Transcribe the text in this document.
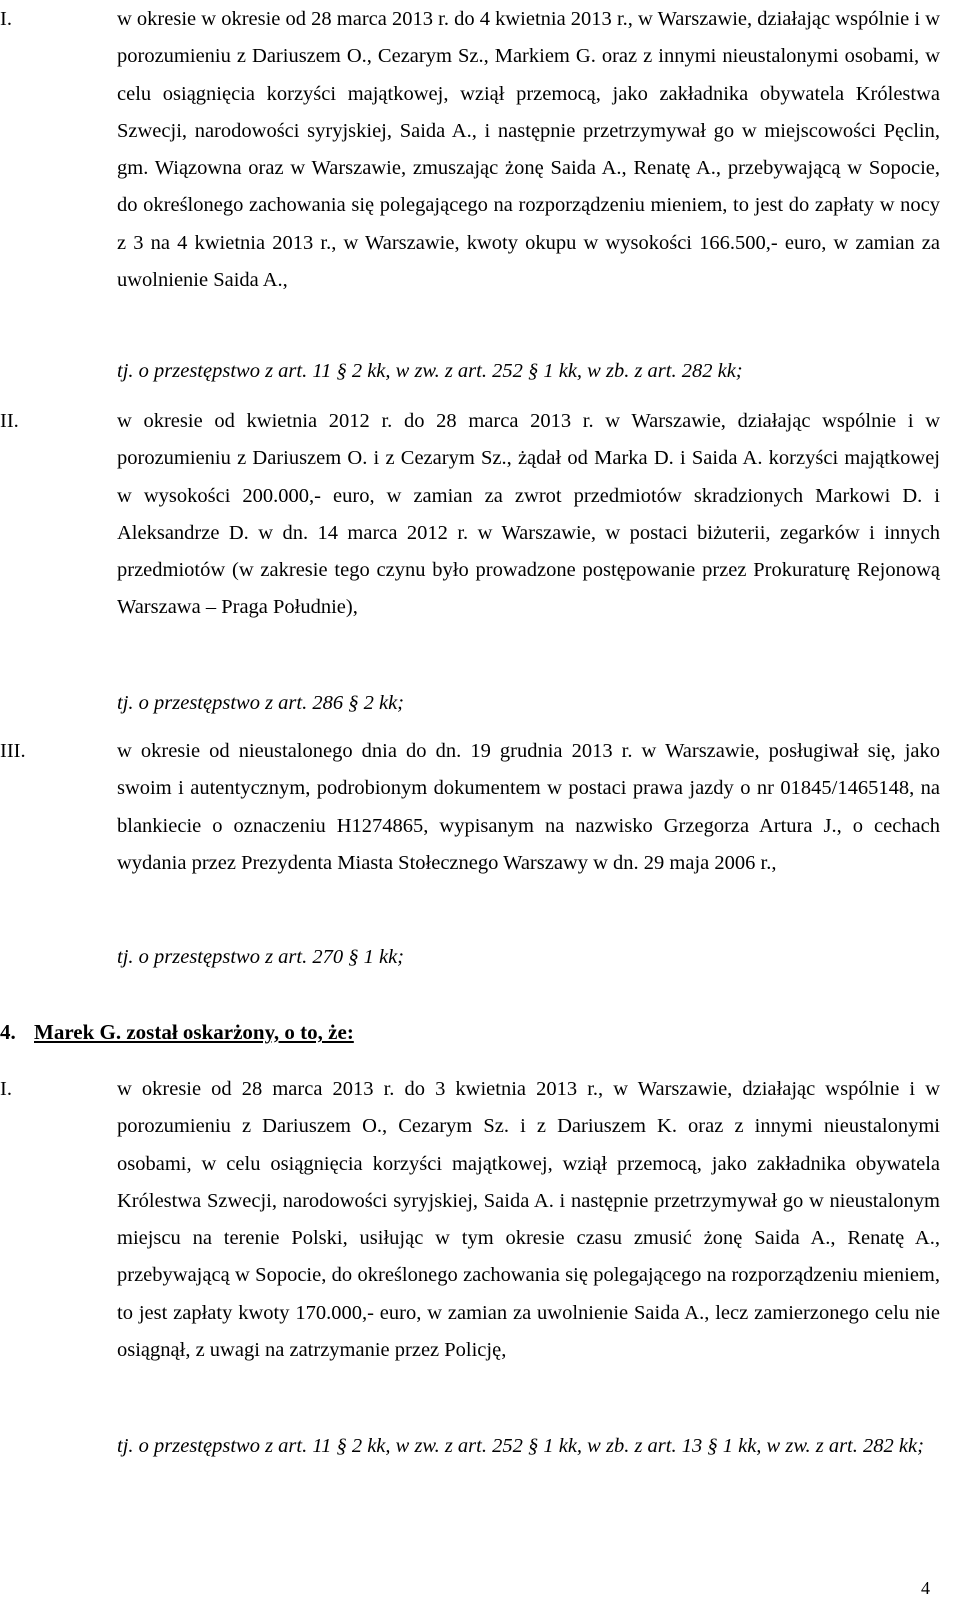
I.	w okresie w okresie od 28 marca 2013 r. do 4 kwietnia 2013 r., w Warszawie, działając wspólnie i w porozumieniu z Dariuszem O., Cezarym Sz., Markiem G. oraz z innymi nieustalonymi osobami, w celu osiągnięcia korzyści majątkowej, wziął przemocą, jako zakładnika obywatela Królestwa Szwecji, narodowości syryjskiej, Saida A., i następnie przetrzymywał go w miejscowości Pęclin, gm. Wiązowna oraz w Warszawie, zmuszając żonę Saida A., Renatę A., przebywającą w Sopocie, do określonego zachowania się polegającego na rozporządzeniu mieniem, to jest do zapłaty w nocy z 3 na 4 kwietnia 2013 r., w Warszawie, kwoty okupu w wysokości 166.500,- euro, w zamian za uwolnienie Saida A.,
tj. o przestępstwo z art. 11 § 2 kk, w zw. z art. 252 § 1 kk, w zb. z art. 282 kk;
II.	w okresie od kwietnia 2012 r. do 28 marca 2013 r. w Warszawie, działając wspólnie i w porozumieniu z Dariuszem O. i z Cezarym Sz., żądał od Marka D. i Saida A. korzyści majątkowej w wysokości 200.000,- euro, w zamian za zwrot przedmiotów skradzionych Markowi D. i Aleksandrze D. w dn. 14 marca 2012 r. w Warszawie, w postaci biżuterii, zegarków i innych przedmiotów (w zakresie tego czynu było prowadzone postępowanie przez Prokuraturę Rejonową Warszawa – Praga Południe),
tj. o przestępstwo z art. 286 § 2 kk;
III.	w okresie od nieustalonego dnia do dn. 19 grudnia 2013 r. w Warszawie, posługiwał się, jako swoim i autentycznym, podrobionym dokumentem w postaci prawa jazdy o nr 01845/1465148, na blankiecie o oznaczeniu H1274865, wypisanym na nazwisko Grzegorza Artura J., o cechach wydania przez Prezydenta Miasta Stołecznego Warszawy w dn. 29 maja 2006 r.,
tj. o przestępstwo z art. 270 § 1 kk;
4. Marek G. został oskarżony, o to, że:
I.	w okresie od 28 marca 2013 r. do 3 kwietnia 2013 r., w Warszawie, działając wspólnie i w porozumieniu z Dariuszem O., Cezarym Sz. i z Dariuszem K. oraz z innymi nieustalonymi osobami, w celu osiągnięcia korzyści majątkowej, wziął przemocą, jako zakładnika obywatela Królestwa Szwecji, narodowości syryjskiej, Saida A. i następnie przetrzymywał go w nieustalonym miejscu na terenie Polski, usiłując w tym okresie czasu zmusić żonę Saida A., Renatę A., przebywającą w Sopocie, do określonego zachowania się polegającego na rozporządzeniu mieniem, to jest zapłaty kwoty 170.000,- euro, w zamian za uwolnienie Saida A., lecz zamierzonego celu nie osiągnął, z uwagi na zatrzymanie przez Policję,
tj. o przestępstwo z art. 11 § 2 kk, w zw. z art. 252 § 1 kk, w zb. z art. 13 § 1 kk, w zw. z art. 282 kk;
4
